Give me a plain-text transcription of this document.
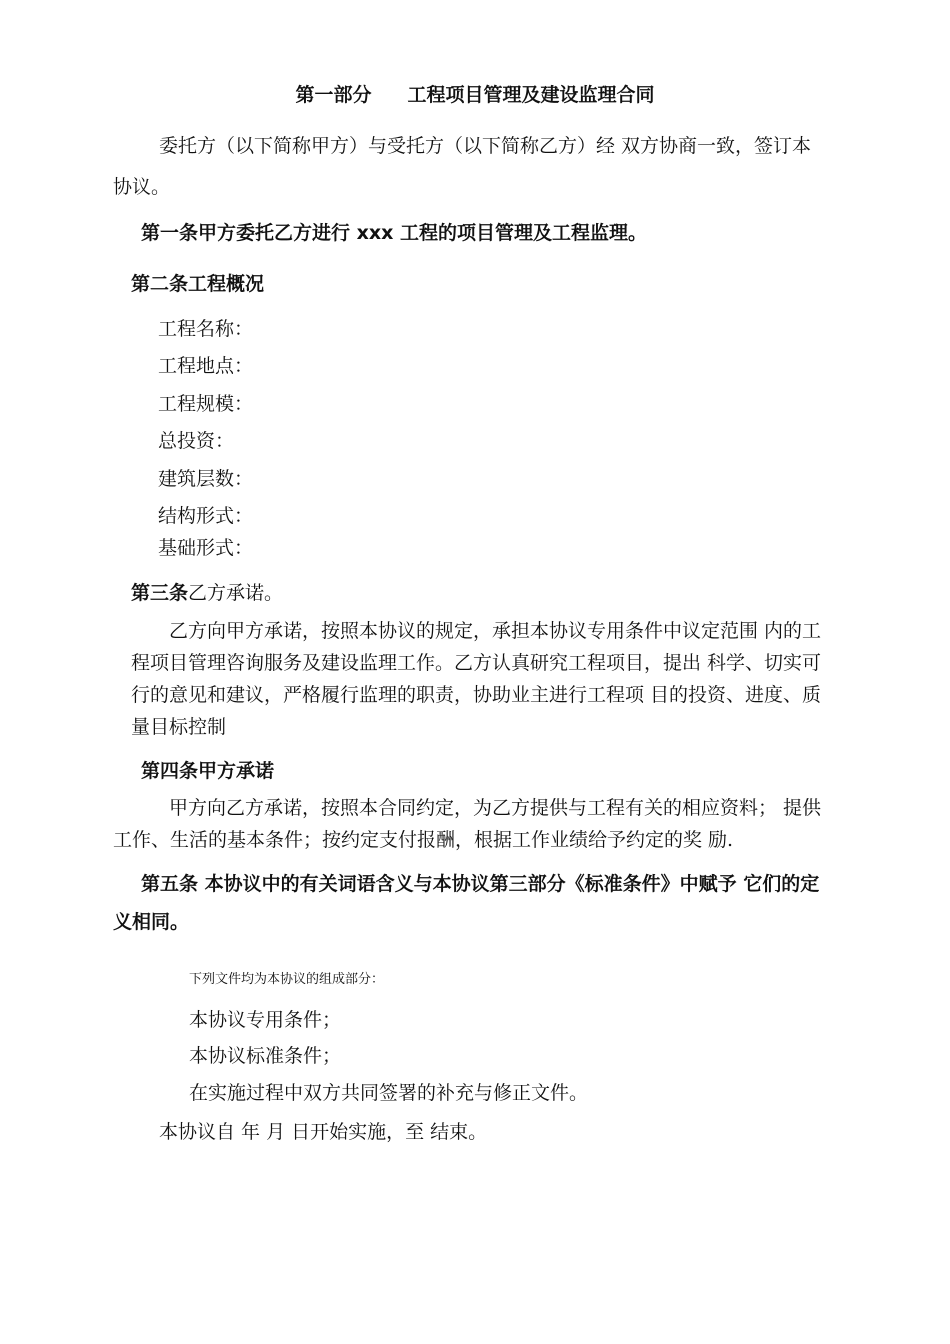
第一部分 工程项目管理及建设监理合同
委托方（以下简称甲方）与受托方（以下简称乙方）经 双方协商一致，签订本
协议。
第一条甲方委托乙方进行 xxx 工程的项目管理及工程监理。
第二条工程概况
工程名称：
工程地点：
工程规模：
总投资：
建筑层数：
结构形式：
基础形式：
第三条乙方承诺。
乙方向甲方承诺，按照本协议的规定，承担本协议专用条件中议定范围 内的工
程项目管理咨询服务及建设监理工作。乙方认真研究工程项目，提出 科学、切实可
行的意见和建议，严格履行监理的职责，协助业主进行工程项 目的投资、进度、质
量目标控制
第四条甲方承诺
甲方向乙方承诺，按照本合同约定，为乙方提供与工程有关的相应资料； 提供
工作、生活的基本条件；按约定支付报酬，根据工作业绩给予约定的奖 励.
第五条 本协议中的有关词语含义与本协议第三部分《标准条件》中赋予 它们的定
义相同。
下列文件均为本协议的组成部分：
本协议专用条件；
本协议标准条件；
在实施过程中双方共同签署的补充与修正文件。
本协议自 年 月 日开始实施，至 结束。
